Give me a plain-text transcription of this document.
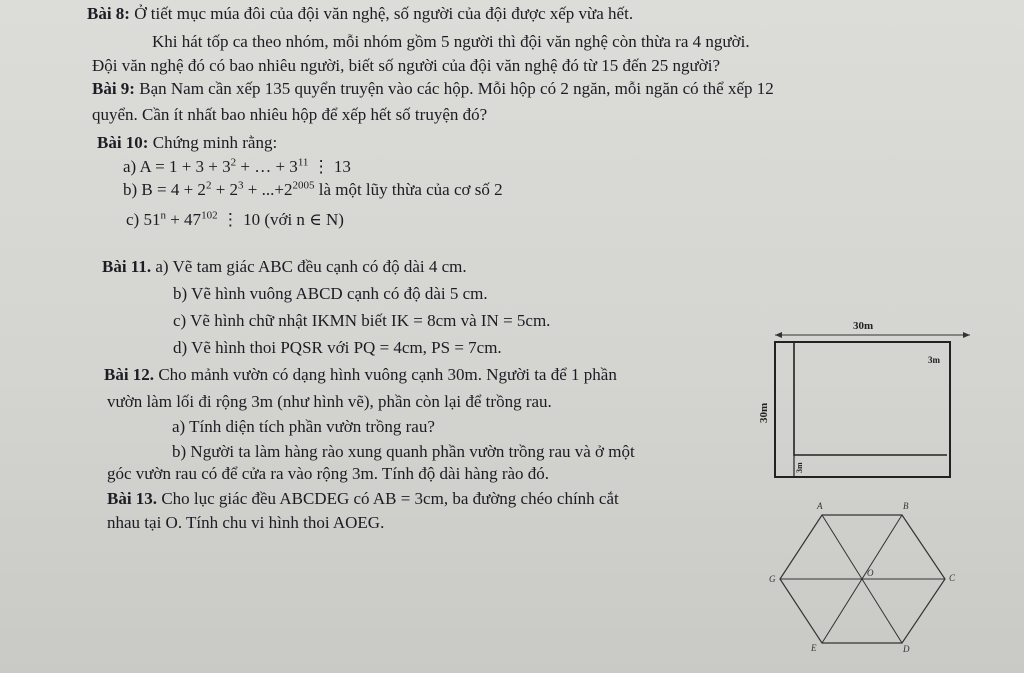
Bài 8: Ở tiết mục múa đôi của đội văn nghệ, số người của đội được xếp vừa hết.
Khi hát tốp ca theo nhóm, mỗi nhóm gồm 5 người thì đội văn nghệ còn thừa ra 4 người.
Đội văn nghệ đó có bao nhiêu người, biết số người của đội văn nghệ đó từ 15 đến 25 người?
Bài 9: Bạn Nam cần xếp 135 quyển truyện vào các hộp. Mỗi hộp có 2 ngăn, mỗi ngăn có thể xếp 12
quyển. Cần ít nhất bao nhiêu hộp để xếp hết số truyện đó?
Bài 10: Chứng minh rằng:
a) $A = 1 + 3 + 3^2$ + … + $3^{11}$ ⋮ 13
b) $B = 4 + 2^2 + 2^3 + ...+2^{2005}$ là một lũy thừa của cơ số 2
c) $51^n + 47^{102}$ ⋮ 10 (với n ∈ N)
Bài 11. a) Vẽ tam giác ABC đều cạnh có độ dài 4 cm.
b) Vẽ hình vuông ABCD cạnh có độ dài 5 cm.
c) Vẽ hình chữ nhật IKMN biết IK = 8cm và IN = 5cm.
d) Vẽ hình thoi PQSR với PQ = 4cm, PS = 7cm.
Bài 12. Cho mảnh vườn có dạng hình vuông cạnh 30m. Người ta để 1 phần
vườn làm lối đi rộng 3m (như hình vẽ), phần còn lại để trồng rau.
a) Tính diện tích phần vườn trồng rau?
b) Người ta làm hàng rào xung quanh phần vườn trồng rau và ở một
góc vườn rau có để cửa ra vào rộng 3m. Tính độ dài hàng rào đó.
Bài 13. Cho lục giác đều ABCDEG có AB = 3cm, ba đường chéo chính cắt
nhau tại O. Tính chu vi hình thoi AOEG.
30m
3m
30m
3m
A	B
C
D
E
G
O
